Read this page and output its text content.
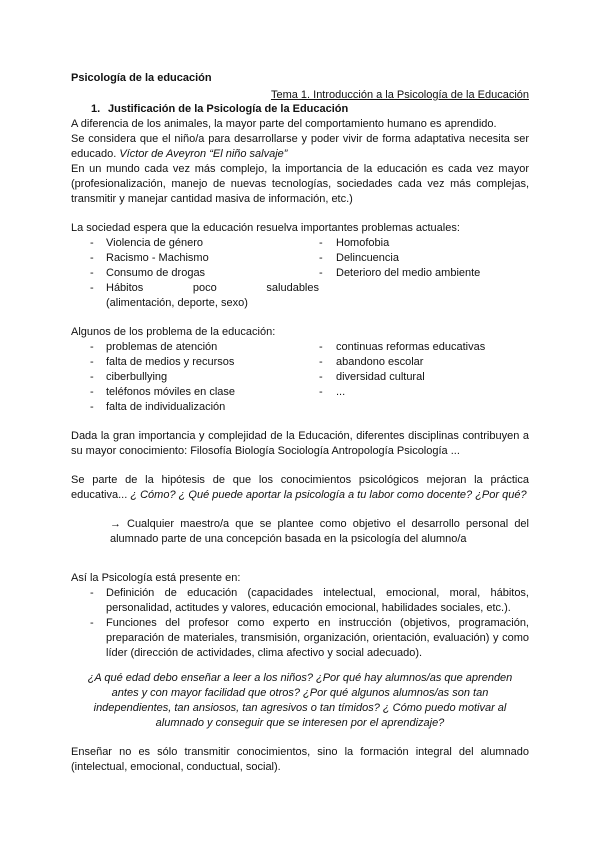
Psicología de la educación

Tema 1. Introducción a la Psicología de la Educación

1. Justificación de la Psicología de la Educación

A diferencia de los animales, la mayor parte del comportamiento humano es aprendido.

Se considera que el niño/a para desarrollarse y poder vivir de forma adaptativa necesita ser educado. Víctor de Aveyron “El niño salvaje”

En un mundo cada vez más complejo, la importancia de la educación es cada vez mayor (profesionalización, manejo de nuevas tecnologías, sociedades cada vez más complejas, transmitir y manejar cantidad masiva de información, etc.)

La sociedad espera que la educación resuelva importantes problemas actuales:

- Violencia de género
- Racismo - Machismo
- Consumo de drogas
- Hábitos poco saludables
(alimentación, deporte, sexo)
- Homofobia
- Delincuencia
- Deterioro del medio ambiente

Algunos de los problema de la educación:

- problemas de atención
- falta de medios y recursos
- ciberbullying
- teléfonos móviles en clase
- falta de individualización
- continuas reformas educativas
- abandono escolar
- diversidad cultural
- ...

Dada la gran importancia y complejidad de la Educación, diferentes disciplinas contribuyen a su mayor conocimiento: Filosofía Biología Sociología Antropología Psicología ...

Se parte de la hipótesis de que los conocimientos psicológicos mejoran la práctica educativa... ¿ Cómo? ¿ Qué puede aportar la psicología a tu labor como docente? ¿Por qué?

→ Cualquier maestro/a que se plantee como objetivo el desarrollo personal del alumnado parte de una concepción basada en la psicología del alumno/a

Así la Psicología está presente en:

- Definición de educación (capacidades intelectual, emocional, moral, hábitos, personalidad, actitudes y valores, educación emocional, habilidades sociales, etc.).
- Funciones del profesor como experto en instrucción (objetivos, programación, preparación de materiales, transmisión, organización, orientación, evaluación) y como líder (dirección de actividades, clima afectivo y social adecuado).

¿A qué edad debo enseñar a leer a los niños? ¿Por qué hay alumnos/as que aprenden antes y con mayor facilidad que otros? ¿Por qué algunos alumnos/as son tan independientes, tan ansiosos, tan agresivos o tan tímidos? ¿ Cómo puedo motivar al alumnado y conseguir que se interesen por el aprendizaje?

Enseñar no es sólo transmitir conocimientos, sino la formación integral del alumnado (intelectual, emocional, conductual, social).
